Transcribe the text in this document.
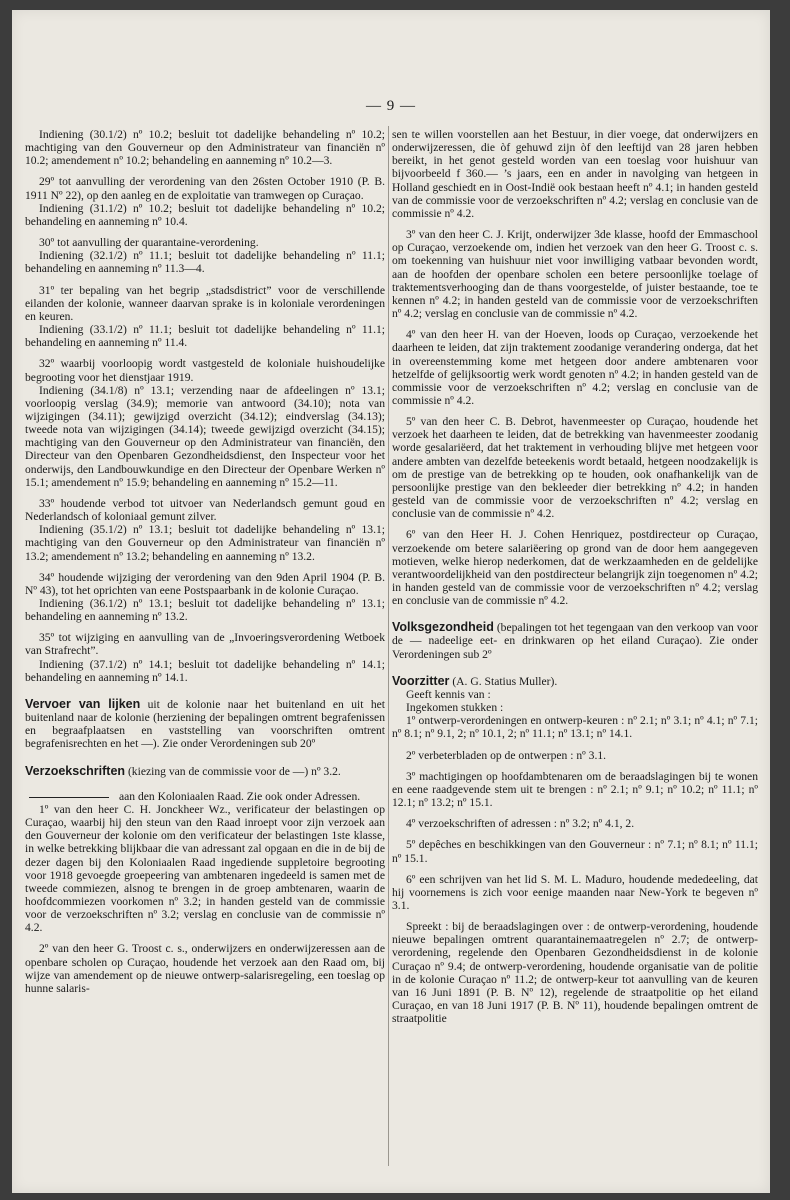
— 9 —

Indiening (30.1/2) nº 10.2; besluit tot dadelijke behandeling nº 10.2; machtiging van den Gouverneur op den Administrateur van financiën nº 10.2; amendement nº 10.2; behandeling en aanneming nº 10.2—3.

29º tot aanvulling der verordening van den 26sten October 1910 (P. B. 1911 Nº 22), op den aanleg en de exploitatie van tramwegen op Curaçao.

Indiening (31.1/2) nº 10.2; besluit tot dadelijke behandeling nº 10.2; behandeling en aanneming nº 10.4.

30º tot aanvulling der quarantaine-verordening.

Indiening (32.1/2) nº 11.1; besluit tot dadelijke behandeling nº 11.1; behandeling en aanneming nº 11.3—4.

31º ter bepaling van het begrip „stadsdistrict” voor de verschillende eilanden der kolonie, wanneer daarvan sprake is in koloniale verordeningen en keuren.

Indiening (33.1/2) nº 11.1; besluit tot dadelijke behandeling nº 11.1; behandeling en aanneming nº 11.4.

32º waarbij voorloopig wordt vastgesteld de koloniale huishoudelijke begrooting voor het dienstjaar 1919.

Indiening (34.1/8) nº 13.1; verzending naar de afdeelingen nº 13.1; voorloopig verslag (34.9); memorie van antwoord (34.10); nota van wijzigingen (34.11); gewijzigd overzicht (34.12); eindverslag (34.13); tweede nota van wijzigingen (34.14); tweede gewijzigd overzicht (34.15); machtiging van den Gouverneur op den Administrateur van financiën, den Directeur van den Openbaren Gezondheidsdienst, den Inspecteur voor het onderwijs, den Landbouwkundige en den Directeur der Openbare Werken nº 15.1; amendement nº 15.9; behandeling en aanneming nº 15.2—11.

33º houdende verbod tot uitvoer van Nederlandsch gemunt goud en Nederlandsch of koloniaal gemunt zilver.

Indiening (35.1/2) nº 13.1; besluit tot dadelijke behandeling nº 13.1; machtiging van den Gouverneur op den Administrateur van financiën nº 13.2; amendement nº 13.2; behandeling en aanneming nº 13.2.

34º houdende wijziging der verordening van den 9den April 1904 (P. B. Nº 43), tot het oprichten van eene Postspaarbank in de kolonie Curaçao.

Indiening (36.1/2) nº 13.1; besluit tot dadelijke behandeling nº 13.1; behandeling en aanneming nº 13.2.

35º tot wijziging en aanvulling van de „Invoeringsverordening Wetboek van Strafrecht”.

Indiening (37.1/2) nº 14.1; besluit tot dadelijke behandeling nº 14.1; behandeling en aanneming nº 14.1.

Vervoer van lijken uit de kolonie naar het buitenland en uit het buitenland naar de kolonie (herziening der bepalingen omtrent begrafenissen en begraafplaatsen en vaststelling van voorschriften omtrent begrafenisrechten en het —). Zie onder Verordeningen sub 20º

Verzoekschriften (kiezing van de commissie voor de —) nº 3.2.

aan den Koloniaalen Raad. Zie ook onder Adressen.

1º van den heer C. H. Jonckheer Wz., verificateur der belastingen op Curaçao, waarbij hij den steun van den Raad inroept voor zijn verzoek aan den Gouverneur der kolonie om den verificateur der belastingen 1ste klasse, in welke betrekking blijkbaar die van adressant zal opgaan en die in de bij de dezer dagen bij den Koloniaalen Raad ingediende suppletoire begrooting voor 1918 gevoegde groepeering van ambtenaren ingedeeld is samen met de tweede commiezen, alsnog te brengen in de groep ambtenaren, waarin de hoofdcommiezen voorkomen nº 3.2; in handen gesteld van de commissie voor de verzoekschriften nº 3.2; verslag en conclusie van de commissie nº 4.2.

2º van den heer G. Troost c. s., onderwijzers en onderwijzeressen aan de openbare scholen op Curaçao, houdende het verzoek aan den Raad om, bij wijze van amendement op de nieuwe ontwerp-salarisregeling, een toeslag op hunne salaris-

sen te willen voorstellen aan het Bestuur, in dier voege, dat onderwijzers en onderwijzeressen, die òf gehuwd zijn òf den leeftijd van 28 jaren hebben bereikt, in het genot gesteld worden van een toeslag voor huishuur van bijvoorbeeld f 360.— ’s jaars, een en ander in navolging van hetgeen in Holland geschiedt en in Oost-Indië ook bestaan heeft nº 4.1; in handen gesteld van de commissie voor de verzoekschriften nº 4.2; verslag en conclusie van de commissie nº 4.2.

3º van den heer C. J. Krijt, onderwijzer 3de klasse, hoofd der Emmaschool op Curaçao, verzoekende om, indien het verzoek van den heer G. Troost c. s. om toekenning van huishuur niet voor inwilliging vatbaar bevonden wordt, aan de hoofden der openbare scholen een betere persoonlijke toelage of traktementsverhooging dan de thans voorgestelde, of juister bestaande, toe te kennen nº 4.2; in handen gesteld van de commissie voor de verzoekschriften nº 4.2; verslag en conclusie van de commissie nº 4.2.

4º van den heer H. van der Hoeven, loods op Curaçao, verzoekende het daarheen te leiden, dat zijn traktement zoodanige verandering onderga, dat het in overeenstemming kome met hetgeen door andere ambtenaren voor hetzelfde of gelijksoortig werk wordt genoten nº 4.2; in handen gesteld van de commissie voor de verzoekschriften nº 4.2; verslag en conclusie van de commissie nº 4.2.

5º van den heer C. B. Debrot, havenmeester op Curaçao, houdende het verzoek het daarheen te leiden, dat de betrekking van havenmeester zoodanig worde gesalariëerd, dat het traktement in verhouding blijve met hetgeen voor andere ambten van dezelfde beteekenis wordt betaald, hetgeen noodzakelijk is om de prestige van de betrekking op te houden, ook onafhankelijk van de persoonlijke prestige van den bekleeder dier betrekking nº 4.2; in handen gesteld van de commissie voor de verzoekschriften nº 4.2; verslag en conclusie van de commissie nº 4.2.

6º van den Heer H. J. Cohen Henriquez, postdirecteur op Curaçao, verzoekende om betere salariëering op grond van de door hem aangegeven motieven, welke hierop nederkomen, dat de werkzaamheden en de geldelijke verantwoordelijkheid van den postdirecteur belangrijk zijn toegenomen nº 4.2; in handen gesteld van de commissie voor de verzoekschriften nº 4.2; verslag en conclusie van de commissie nº 4.2.

Volksgezondheid (bepalingen tot het tegengaan van den verkoop van voor de — nadeelige eet- en drinkwaren op het eiland Curaçao). Zie onder Verordeningen sub 2º

Voorzitter (A. G. Statius Muller).

Geeft kennis van :

Ingekomen stukken :

1º ontwerp-verordeningen en ontwerp-keuren : nº 2.1; nº 3.1; nº 4.1; nº 7.1; nº 8.1; nº 9.1, 2; nº 10.1, 2; nº 11.1; nº 13.1; nº 14.1.

2º verbeterbladen op de ontwerpen : nº 3.1.

3º machtigingen op hoofdambtenaren om de beraadslagingen bij te wonen en eene raadgevende stem uit te brengen : nº 2.1; nº 9.1; nº 10.2; nº 11.1; nº 12.1; nº 13.2; nº 15.1.

4º verzoekschriften of adressen : nº 3.2; nº 4.1, 2.

5º depêches en beschikkingen van den Gouverneur : nº 7.1; nº 8.1; nº 11.1; nº 15.1.

6º een schrijven van het lid S. M. L. Maduro, houdende mededeeling, dat hij voornemens is zich voor eenige maanden naar New-York te begeven nº 3.1.

Spreekt : bij de beraadslagingen over : de ontwerp-verordening, houdende nieuwe bepalingen omtrent quarantainemaatregelen nº 2.7; de ontwerp-verordening, regelende den Openbaren Gezondheidsdienst in de kolonie Curaçao nº 9.4; de ontwerp-verordening, houdende organisatie van de politie in de kolonie Curaçao nº 11.2; de ontwerp-keur tot aanvulling van de keuren van 16 Juni 1891 (P. B. Nº 12), regelende de straatpolitie op het eiland Curaçao, en van 18 Juni 1917 (P. B. Nº 11), houdende bepalingen omtrent de straatpolitie
